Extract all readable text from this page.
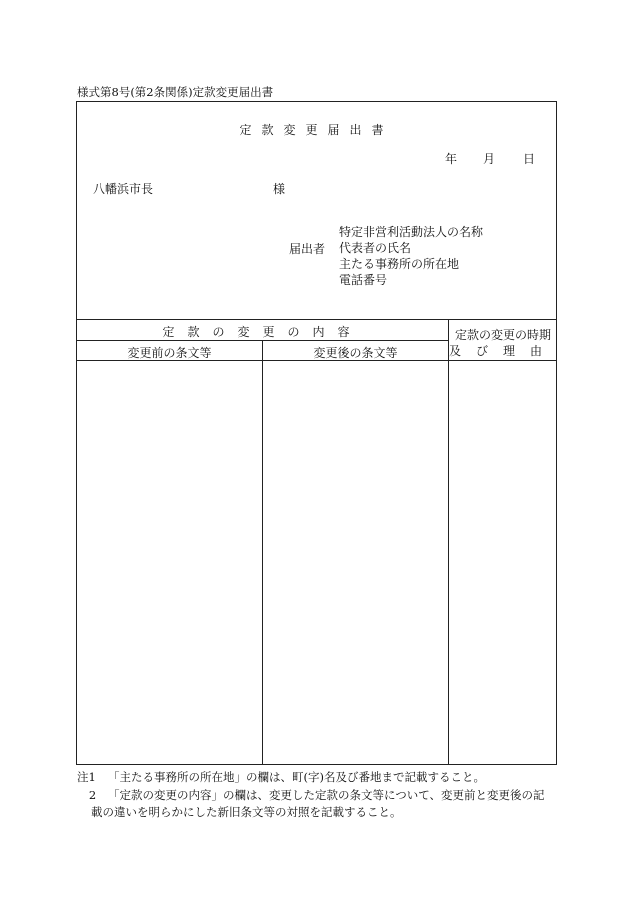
様式第8号(第2条関係)定款変更届出書
定款変更届出書
年 月 日
八幡浜市長	様
届出者
特定非営利活動法人の名称
代表者の氏名
主たる事務所の所在地
電話番号
定款の変更の内容
変更前の条文等	変更後の条文等
定款の変更の時期
及び理由
注1 「主たる事務所の所在地」の欄は、町(字)名及び番地まで記載すること。
2 「定款の変更の内容」の欄は、変更した定款の条文等について、変更前と変更後の記
載の違いを明らかにした新旧条文等の対照を記載すること。
